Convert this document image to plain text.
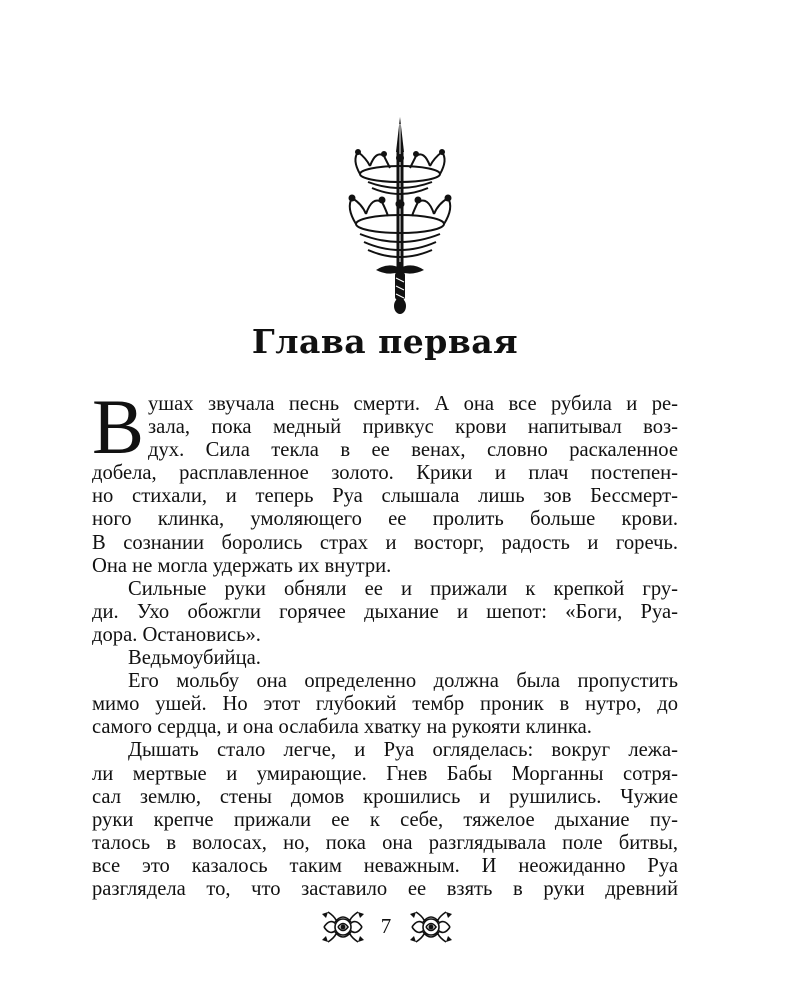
Глава первая
В ушах звучала песнь смерти. А она все рубила и ре-
зала, пока медный привкус крови напитывал воз-
дух. Сила текла в ее венах, словно раскаленное
добела, расплавленное золото. Крики и плач постепен-
но стихали, и теперь Руа слышала лишь зов Бессмерт-
ного клинка, умоляющего ее пролить больше крови.
В сознании боролись страх и восторг, радость и горечь.
Она не могла удержать их внутри.
Сильные руки обняли ее и прижали к крепкой гру-
ди. Ухо обожгли горячее дыхание и шепот: «Боги, Руа-
дора. Остановись».
Ведьмоубийца.
Его мольбу она определенно должна была пропустить
мимо ушей. Но этот глубокий тембр проник в нутро, до
самого сердца, и она ослабила хватку на рукояти клинка.
Дышать стало легче, и Руа огляделась: вокруг лежа-
ли мертвые и умирающие. Гнев Бабы Морганны сотря-
сал землю, стены домов крошились и рушились. Чужие
руки крепче прижали ее к себе, тяжелое дыхание пу-
талось в волосах, но, пока она разглядывала поле битвы,
все это казалось таким неважным. И неожиданно Руа
разглядела то, что заставило ее взять в руки древний
7
